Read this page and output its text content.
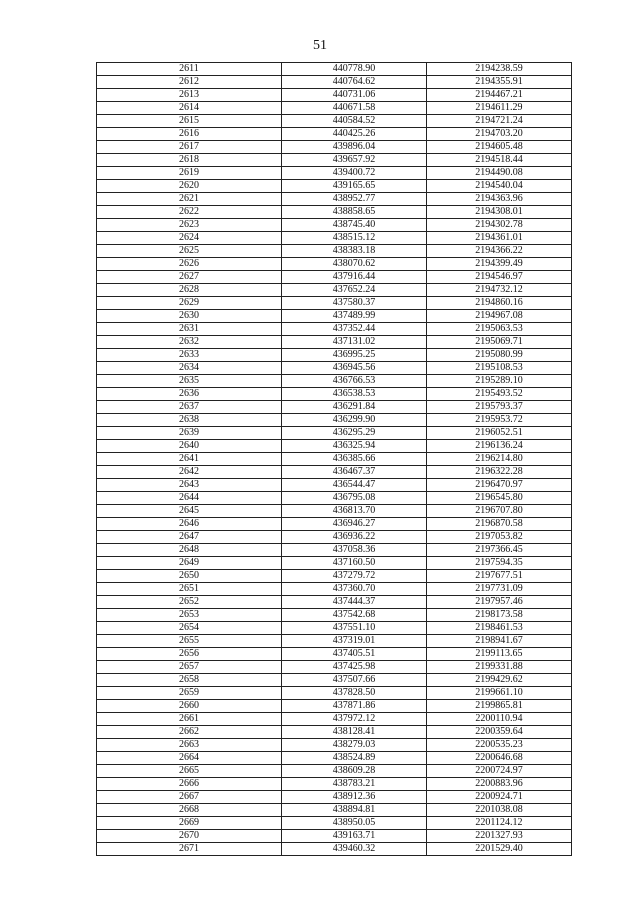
51
2611	440778.90	2194238.59
2612	440764.62	2194355.91
2613	440731.06	2194467.21
2614	440671.58	2194611.29
2615	440584.52	2194721.24
2616	440425.26	2194703.20
2617	439896.04	2194605.48
2618	439657.92	2194518.44
2619	439400.72	2194490.08
2620	439165.65	2194540.04
2621	438952.77	2194363.96
2622	438858.65	2194308.01
2623	438745.40	2194302.78
2624	438515.12	2194361.01
2625	438383.18	2194366.22
2626	438070.62	2194399.49
2627	437916.44	2194546.97
2628	437652.24	2194732.12
2629	437580.37	2194860.16
2630	437489.99	2194967.08
2631	437352.44	2195063.53
2632	437131.02	2195069.71
2633	436995.25	2195080.99
2634	436945.56	2195108.53
2635	436766.53	2195289.10
2636	436538.53	2195493.52
2637	436291.84	2195793.37
2638	436299.90	2195953.72
2639	436295.29	2196052.51
2640	436325.94	2196136.24
2641	436385.66	2196214.80
2642	436467.37	2196322.28
2643	436544.47	2196470.97
2644	436795.08	2196545.80
2645	436813.70	2196707.80
2646	436946.27	2196870.58
2647	436936.22	2197053.82
2648	437058.36	2197366.45
2649	437160.50	2197594.35
2650	437279.72	2197677.51
2651	437360.70	2197731.09
2652	437444.37	2197957.46
2653	437542.68	2198173.58
2654	437551.10	2198461.53
2655	437319.01	2198941.67
2656	437405.51	2199113.65
2657	437425.98	2199331.88
2658	437507.66	2199429.62
2659	437828.50	2199661.10
2660	437871.86	2199865.81
2661	437972.12	2200110.94
2662	438128.41	2200359.64
2663	438279.03	2200535.23
2664	438524.89	2200646.68
2665	438609.28	2200724.97
2666	438783.21	2200883.96
2667	438912.36	2200924.71
2668	438894.81	2201038.08
2669	438950.05	2201124.12
2670	439163.71	2201327.93
2671	439460.32	2201529.40
